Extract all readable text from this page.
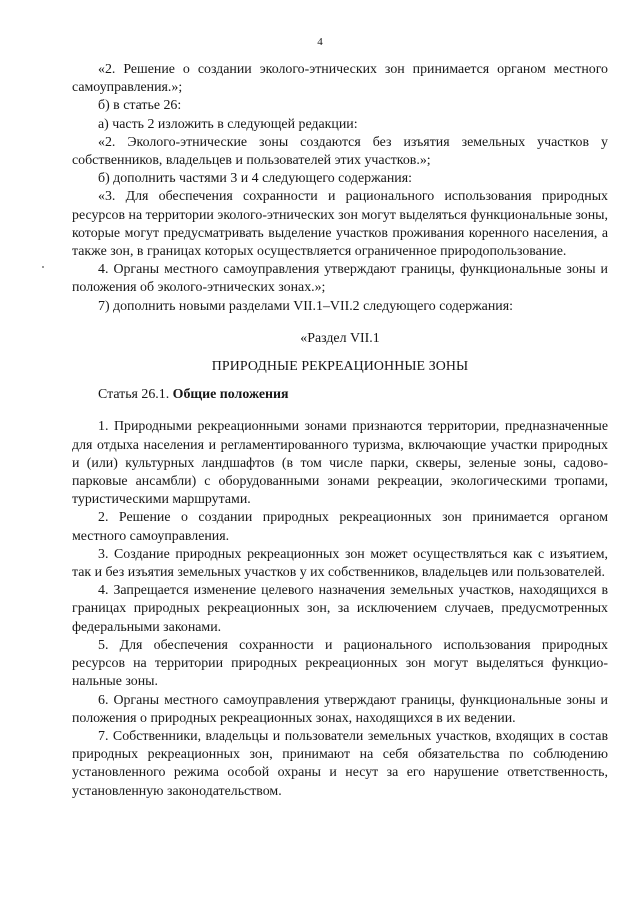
4

«2. Решение о создании эколого-этнических зон принимается органом местного самоуправления.»;

б) в статье 26:

а) часть 2 изложить в следующей редакции:

«2. Эколого-этнические зоны создаются без изъятия земельных участков у собственников, владельцев и пользователей этих участков.»;

б) дополнить частями 3 и 4 следующего содержания:

«3. Для обеспечения сохранности и рационального использования природных ресурсов на территории эколого-этнических зон могут выделяться функциональные зоны, которые могут предусматривать выделение участков проживания коренного населения, а также зон, в границах которых осуществляется ограниченное природопользование.

4. Органы местного самоуправления утверждают границы, функциональные зоны и положения об эколого-этнических зонах.»;

7) дополнить новыми разделами VII.1–VII.2 следующего содержания:

«Раздел VII.1

ПРИРОДНЫЕ РЕКРЕАЦИОННЫЕ ЗОНЫ

Статья 26.1. Общие положения

1. Природными рекреационными зонами признаются территории, предназначенные для отдыха населения и регламентированного туризма, включающие участки природных и (или) культурных ландшафтов (в том числе парки, скверы, зеленые зоны, садово-парковые ансамбли) с оборудованными зонами рекреации, экологическими тропами, туристическими маршрутами.

2. Решение о создании природных рекреационных зон принимается органом местного самоуправления.

3. Создание природных рекреационных зон может осуществляться как с изъятием, так и без изъятия земельных участков у их собственников, владельцев или пользователей.

4. Запрещается изменение целевого назначения земельных участков, находящихся в границах природных рекреационных зон, за исключением случаев, предусмотренных федеральными законами.

5. Для обеспечения сохранности и рационального использования природных ресурсов на территории природных рекреационных зон могут выделяться функциональные зоны.

6. Органы местного самоуправления утверждают границы, функциональные зоны и положения о природных рекреационных зонах, находящихся в их ведении.

7. Собственники, владельцы и пользователи земельных участков, входящих в состав природных рекреационных зон, принимают на себя обязательства по соблюдению установленного режима особой охраны и несут за его нарушение ответственность, установленную законодательством.
